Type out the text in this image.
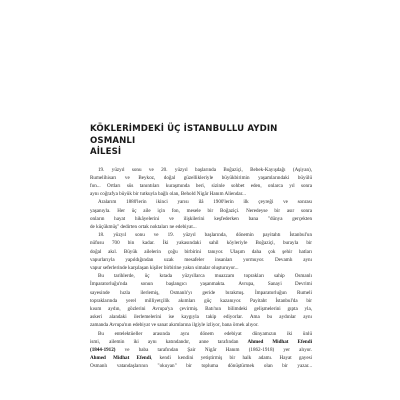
KÖKLERİMDEKİ ÜÇ İSTANBULLU AYDIN OSMANLI
AİLESİ

19. yüzyıl sonu ve 20. yüzyıl başlarında Boğaziçi, Bebek-Kayışdağı (Aşiyan),
Rumelihisarı ve Beykoz, doğal güzellikleriyle büyükbirimin yaşamlarındaki büyülü
fon... Ortları süs tanıntıları kuraşmında beri, sizinle sohbet eden, onlarca yıl sonra
aynı coğrafya büyük bir tutkuyla bağlı olan, Behold Nigâr Hanım Aliendar...

Aralarım 1880'lerin ikinci yarısı ilâ 1900'lerin ilk çeyreği ve sonrası
yaşanıyla. Her üç aile için fon, mesele bir Boğaziçi. Neredeyse bir asır sonra
onların hayat hikâyelerini ve ilişkilerini keşfederken bana "dünya gerçekten
de küçükmüş" dedirten ortak noktaları ne edebiyat...

18. yüzyıl sonu ve 19. yüzyıl başlarında, dönemin payitahtı İstanbul'un
nüfusu 700 bin kadar. İki yakasındaki sahil köyleriyle Boğaziçi, burayla bir
doğal akıl. Büyük ailelerin çoğu birbirini tanıyor. Ulaşım daha çok şehir hatları
vapurlarıyla yapıldığından uzak mesafeler insanları yormuyor. Devamlı aynı
vapur seferlerinde karşılaşan kişiler birbirine yakın simalar oluşturuyor...

Bu tarihlerde, üç kıtada yüzyıllarca muazzam toprakları sahip Osmanlı
İmparatorluğu'nda sonun başlangıcı yaşanmakta. Avrupa, Sanayi Devrimi
sayesinde hızla ilerlemiş, Osmanlı'yı geride bırakmış. İmparatorluğun Rumeli
topraklarında yerel milliyetçilik akımları güç kazanıyor. Payitaht İstanbul'da bir
kısım aydın, gözlerini Avrupa'ya çevirmiş. Batı'nın bilimdeki gelişmelerini gıpta yla,
askeri alandaki ilerlemelerini ise kaygıyla takip ediyorlar. Ama bu aydınlar aynı
zamanda Avrupa'nın edebiyat ve sanat akımlarına ilgiyle izliyor, bana örnek alıyor.

Bu entelektüeller arasında aynı dönem edebiyat dünyamızın iki ünlü
ismi, ailemin iki aynı katındandır, anne tarafından Ahmed Midhat Efendi
(1844-1912) ve baba tarafından Şair Nigâr Hanım (1862-1918) yer alıyor.
Ahmed Midhat Efendi, kendi kendini yetiştirmiş bir halk adamı. Hayat gayesi
Osmanlı vatandaşlarının "okuyan" bir topluma dönüştürmek olan bir yazar...
